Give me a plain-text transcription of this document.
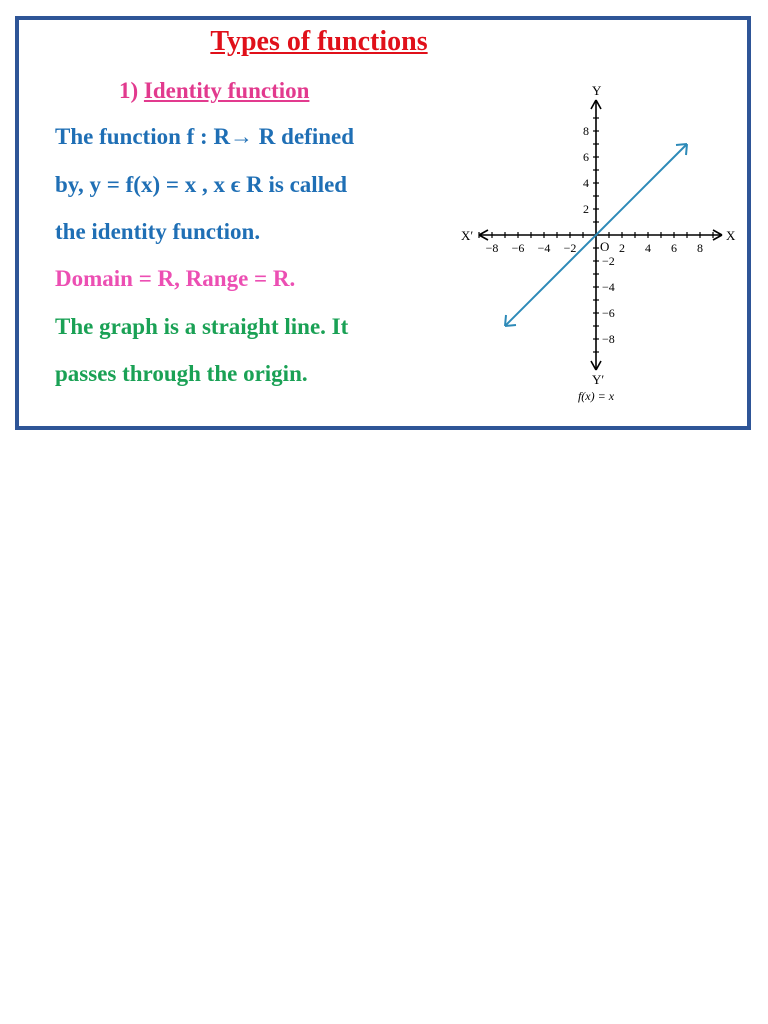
Types of functions
1) Identity function
The function f : R→ R defined
by, y = f(x) = x , x ϵ R is called
the identity function.
Domain = R, Range = R.
The graph is a straight line. It
passes through the origin.
−8 −6 −4 −2	2 4 6 8
2
4
6
8
−2
−4
−6
−8
X
X′
Y
Y′
O
f(x) = x
